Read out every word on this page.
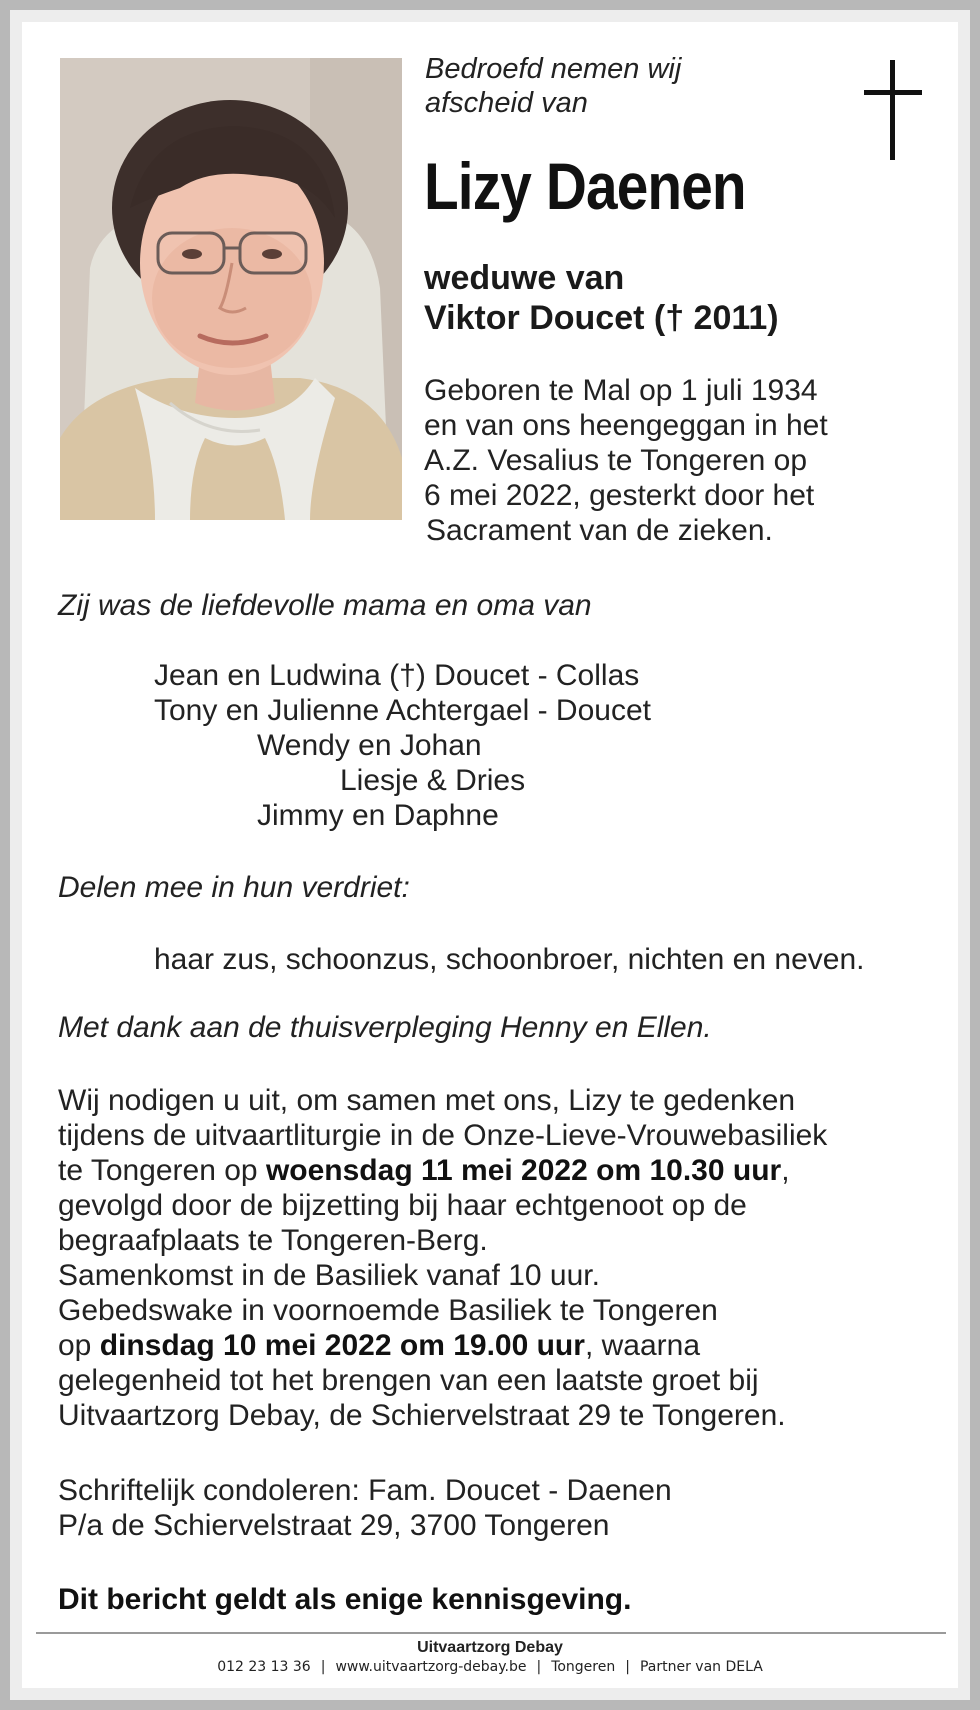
Bedroefd nemen wij
afscheid van
Lizy Daenen
weduwe van
Viktor Doucet († 2011)
Geboren te Mal op 1 juli 1934
en van ons heengeggan in het
A.Z. Vesalius te Tongeren op
6 mei 2022, gesterkt door het
Sacrament van de zieken.
Zij was de liefdevolle mama en oma van
Jean en Ludwina (†) Doucet - Collas
Tony en Julienne Achtergael - Doucet
Wendy en Johan
Liesje & Dries
Jimmy en Daphne
Delen mee in hun verdriet:
haar zus, schoonzus, schoonbroer, nichten en neven.
Met dank aan de thuisverpleging Henny en Ellen.
Wij nodigen u uit, om samen met ons, Lizy te gedenken
tijdens de uitvaartliturgie in de Onze-Lieve-Vrouwebasiliek
te Tongeren op woensdag 11 mei 2022 om 10.30 uur,
gevolgd door de bijzetting bij haar echtgenoot op de
begraafplaats te Tongeren-Berg.
Samenkomst in de Basiliek vanaf 10 uur.
Gebedswake in voornoemde Basiliek te Tongeren
op dinsdag 10 mei 2022 om 19.00 uur, waarna
gelegenheid tot het brengen van een laatste groet bij
Uitvaartzorg Debay, de Schiervelstraat 29 te Tongeren.
Schriftelijk condoleren: Fam. Doucet - Daenen
P/a de Schiervelstraat 29, 3700 Tongeren
Dit bericht geldt als enige kennisgeving.
Uitvaartzorg Debay
012 23 13 36 | www.uitvaartzorg-debay.be | Tongeren | Partner van DELA
